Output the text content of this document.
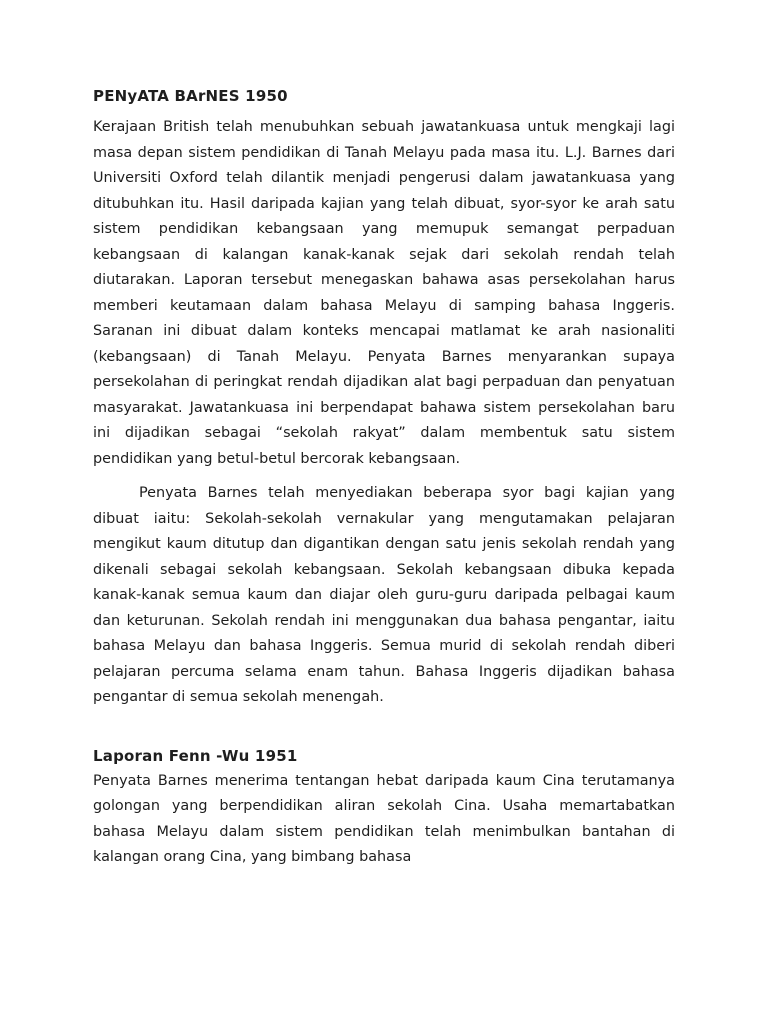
PENyATA BArNES 1950

Kerajaan British telah menubuhkan sebuah jawatankuasa untuk mengkaji lagi masa depan sistem pendidikan di Tanah Melayu pada masa itu. L.J. Barnes dari Universiti Oxford telah dilantik menjadi pengerusi dalam jawatankuasa yang ditubuhkan itu. Hasil daripada kajian yang telah dibuat, syor-syor ke arah satu sistem pendidikan kebangsaan yang memupuk semangat perpaduan kebangsaan di kalangan kanak-kanak sejak dari sekolah rendah telah diutarakan. Laporan tersebut menegaskan bahawa asas persekolahan harus memberi keutamaan dalam bahasa Melayu di samping bahasa Inggeris. Saranan ini dibuat dalam konteks mencapai matlamat ke arah nasionaliti (kebangsaan) di Tanah Melayu. Penyata Barnes menyarankan supaya persekolahan di peringkat rendah dijadikan alat bagi perpaduan dan penyatuan masyarakat. Jawatankuasa ini berpendapat bahawa sistem persekolahan baru ini dijadikan sebagai “sekolah rakyat” dalam membentuk satu sistem pendidikan yang betul-betul bercorak kebangsaan.

Penyata Barnes telah menyediakan beberapa syor bagi kajian yang dibuat iaitu: Sekolah-sekolah vernakular yang mengutamakan pelajaran mengikut kaum ditutup dan digantikan dengan satu jenis sekolah rendah yang dikenali sebagai sekolah kebangsaan. Sekolah kebangsaan dibuka kepada kanak-kanak semua kaum dan diajar oleh guru-guru daripada pelbagai kaum dan keturunan. Sekolah rendah ini menggunakan dua bahasa pengantar, iaitu bahasa Melayu dan bahasa Inggeris. Semua murid di sekolah rendah diberi pelajaran percuma selama enam tahun. Bahasa Inggeris dijadikan bahasa pengantar di semua sekolah menengah.

Laporan Fenn -Wu 1951

Penyata Barnes menerima tentangan hebat daripada kaum Cina terutamanya golongan yang berpendidikan aliran sekolah Cina. Usaha memartabatkan bahasa Melayu dalam sistem pendidikan telah menimbulkan bantahan di kalangan orang Cina, yang bimbang bahasa
